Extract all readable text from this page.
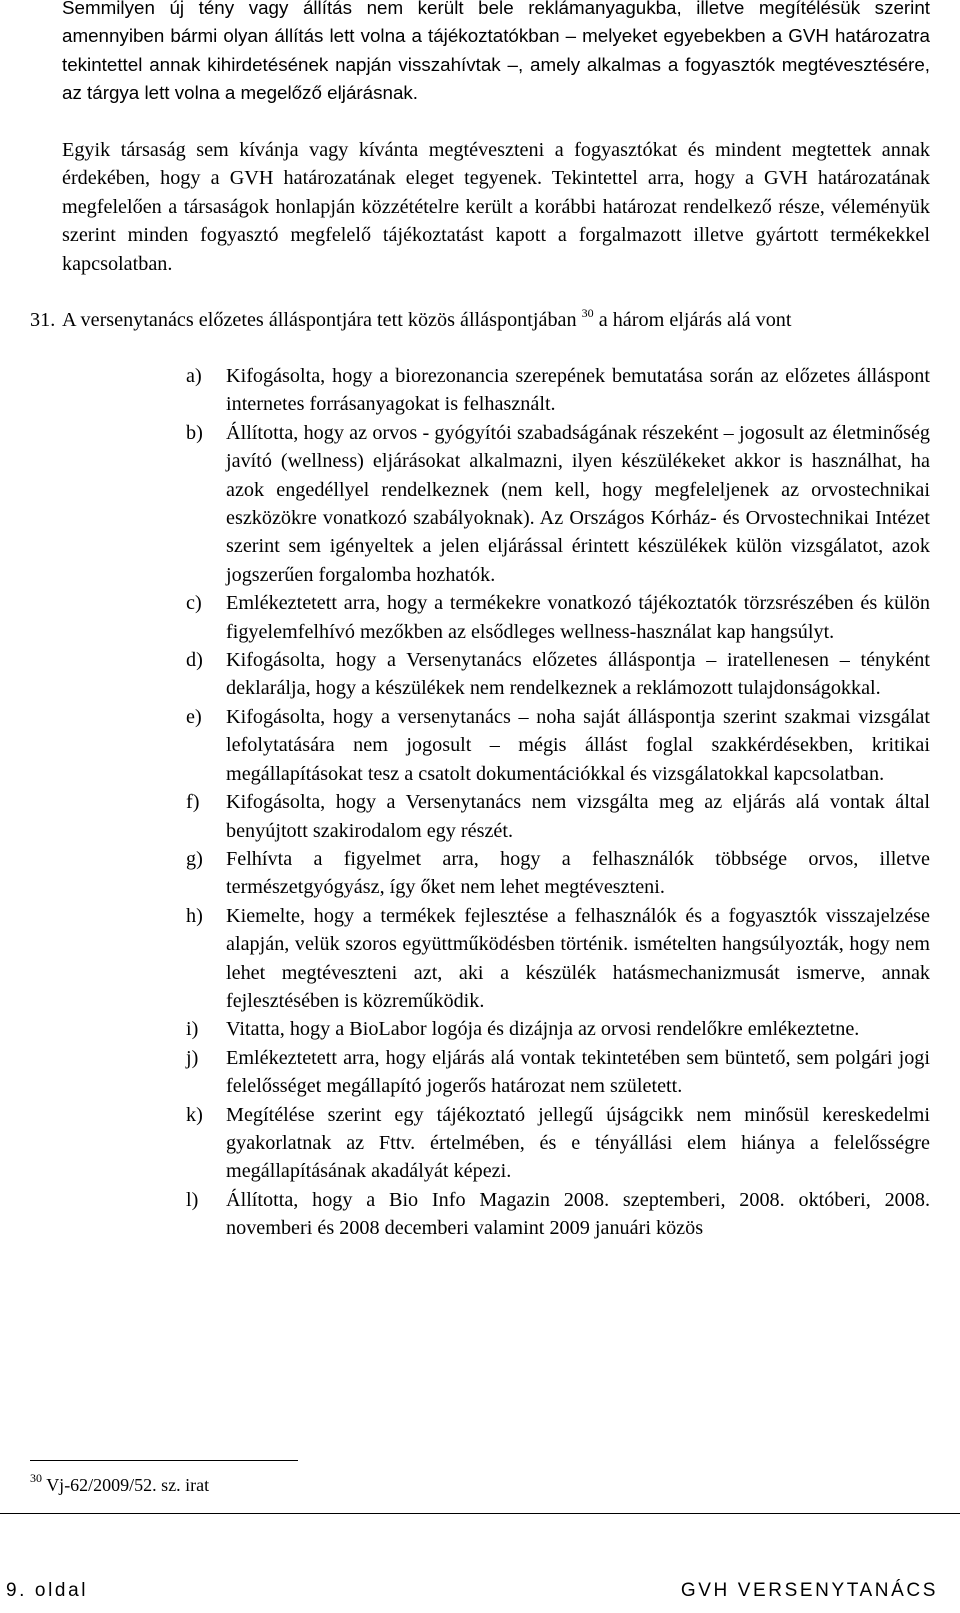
Semmilyen új tény vagy állítás nem került bele reklámanyagukba, illetve megítélésük szerint amennyiben bármi olyan állítás lett volna a tájékoztatókban – melyeket egyebekben a GVH határozatra tekintettel annak kihirdetésének napján visszahívtak –, amely alkalmas a fogyasztók megtévesztésére, az tárgya lett volna a megelőző eljárásnak.

Egyik társaság sem kívánja vagy kívánta megtéveszteni a fogyasztókat és mindent megtettek annak érdekében, hogy a GVH határozatának eleget tegyenek. Tekintettel arra, hogy a GVH határozatának megfelelően a társaságok honlapján közzétételre került a korábbi határozat rendelkező része, véleményük szerint minden fogyasztó megfelelő tájékoztatást kapott a forgalmazott illetve gyártott termékekkel kapcsolatban.

31. A versenytanács előzetes álláspontjára tett közös álláspontjában $^{30}$ a három eljárás alá vont
a) Kifogásolta, hogy a biorezonancia szerepének bemutatása során az előzetes álláspont internetes forrásanyagokat is felhasznált.
b) Állította, hogy az orvos - gyógyítói szabadságának részeként – jogosult az életminőség javító (wellness) eljárásokat alkalmazni, ilyen készülékeket akkor is használhat, ha azok engedéllyel rendelkeznek (nem kell, hogy megfeleljenek az orvostechnikai eszközökre vonatkozó szabályoknak). Az Országos Kórház- és Orvostechnikai Intézet szerint sem igényeltek a jelen eljárással érintett készülékek külön vizsgálatot, azok jogszerűen forgalomba hozhatók.
c) Emlékeztetett arra, hogy a termékekre vonatkozó tájékoztatók törzsrészében és külön figyelemfelhívó mezőkben az elsődleges wellness-használat kap hangsúlyt.
d) Kifogásolta, hogy a Versenytanács előzetes álláspontja – iratellenesen – tényként deklarálja, hogy a készülékek nem rendelkeznek a reklámozott tulajdonságokkal.
e) Kifogásolta, hogy a versenytanács – noha saját álláspontja szerint szakmai vizsgálat lefolytatására nem jogosult – mégis állást foglal szakkérdésekben, kritikai megállapításokat tesz a csatolt dokumentációkkal és vizsgálatokkal kapcsolatban.
f) Kifogásolta, hogy a Versenytanács nem vizsgálta meg az eljárás alá vontak által benyújtott szakirodalom egy részét.
g) Felhívta a figyelmet arra, hogy a felhasználók többsége orvos, illetve természetgyógyász, így őket nem lehet megtéveszteni.
h) Kiemelte, hogy a termékek fejlesztése a felhasználók és a fogyasztók visszajelzése alapján, velük szoros együttműködésben történik. ismételten hangsúlyozták, hogy nem lehet megtéveszteni azt, aki a készülék hatásmechanizmusát ismerve, annak fejlesztésében is közreműködik.
i) Vitatta, hogy a BioLabor logója és dizájnja az orvosi rendelőkre emlékeztetne.
j) Emlékeztetett arra, hogy eljárás alá vontak tekintetében sem büntető, sem polgári jogi felelősséget megállapító jogerős határozat nem született.
k) Megítélése szerint egy tájékoztató jellegű újságcikk nem minősül kereskedelmi gyakorlatnak az Fttv. értelmében, és e tényállási elem hiánya a felelősségre megállapításának akadályát képezi.
l) Állította, hogy a Bio Info Magazin 2008. szeptemberi, 2008. októberi, 2008. novemberi és 2008 decemberi valamint 2009 januári közös
$^{30}$ Vj-62/2009/52. sz. irat
9. oldal	GVH VERSENYTANÁCS
